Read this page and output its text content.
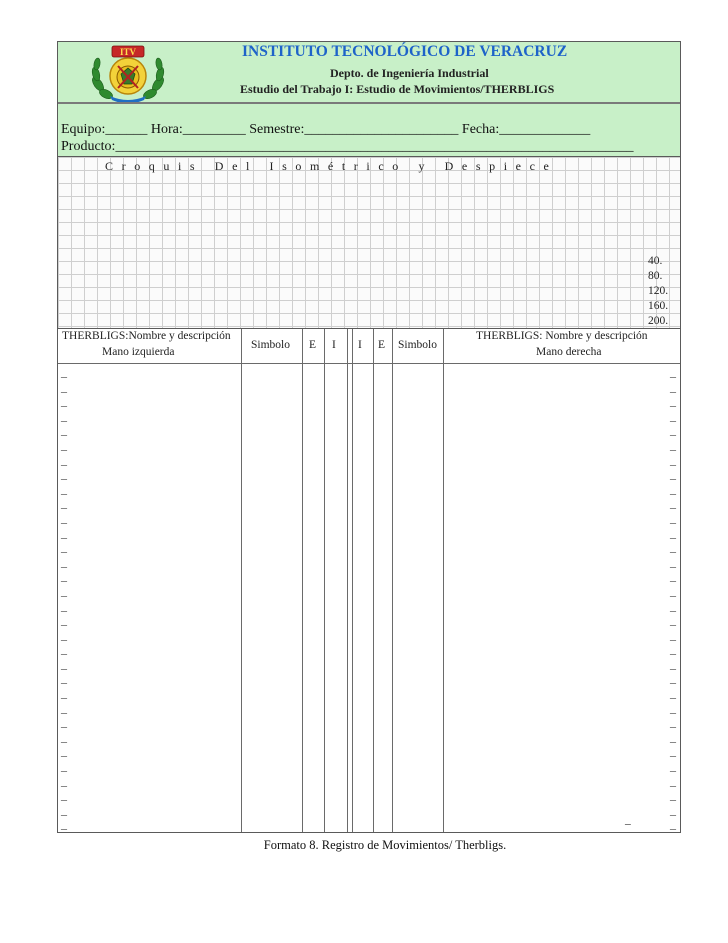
ITV	INSTITUTO TECNOLÓGICO DE VERACRUZ
Depto. de Ingeniería Industrial
Estudio del Trabajo I: Estudio de Movimientos/THERBLIGS
Equipo:______ Hora:_________ Semestre:______________________ Fecha:_____________
Producto:__________________________________________________________________________
Croquis Del Isométrico y Despiece
40.
80.
120.
160.
200.
THERBLIGS:Nombre y descripción
Mano izquierda
Simbolo E I I E Simbolo
THERBLIGS: Nombre y descripción
Mano derecha
_
_
_
_
_
_
_
_
_
_
_
_
_
_
_
_
_
_
_
_
_
_
_
_
_
_
_
_
_
_
_
_
_
_
_
_
_
_
_
_
_
_
_
_
_
_
_
_
_
_
_
_
_
_
_
_
_
_
_
_
_
_
_
_
_
Formato 8. Registro de Movimientos/ Therbligs.
